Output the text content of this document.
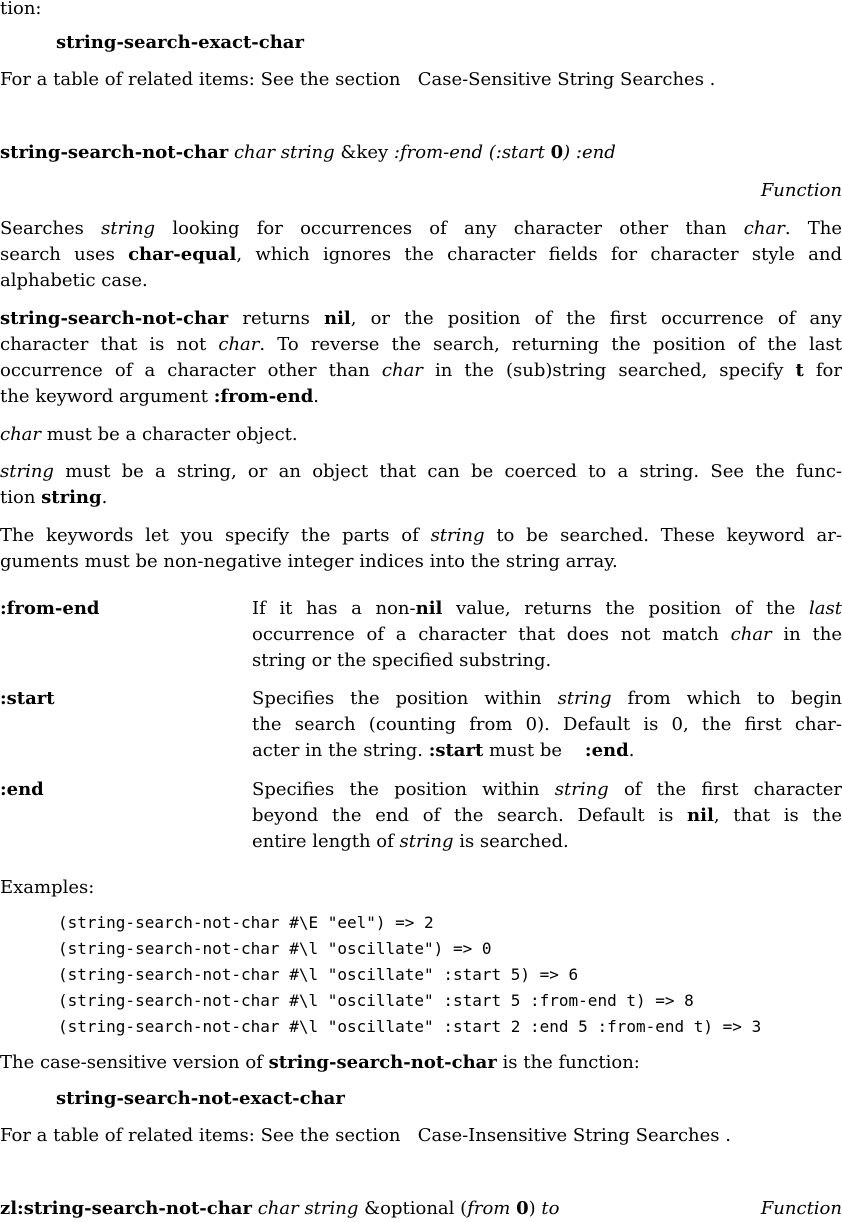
tion:
string-search-exact-char
For a table of related items: See the section Case-Sensitive String Searches .
string-search-not-char char string &key :from-end (:start 0) :end
Function
Searches string looking for occurrences of any character other than char. The
search uses char-equal, which ignores the character fields for character style and
alphabetic case.
string-search-not-char returns nil, or the position of the first occurrence of any
character that is not char. To reverse the search, returning the position of the last
occurrence of a character other than char in the (sub)string searched, specify t for
the keyword argument :from-end.
char must be a character object.
string must be a string, or an object that can be coerced to a string. See the func-
tion string.
The keywords let you specify the parts of string to be searched. These keyword ar-
guments must be non-negative integer indices into the string array.
:from-end	If it has a non-nil value, returns the position of the last
occurrence of a character that does not match char in the
string or the specified substring.
:start	Specifies the position within string from which to begin
the search (counting from 0). Default is 0, the first char-
acter in the string. :start must be :end.
:end	Specifies the position within string of the first character
beyond the end of the search. Default is nil, that is the
entire length of string is searched.
Examples:
(string-search-not-char #\E "eel") => 2
(string-search-not-char #\l "oscillate") => 0
(string-search-not-char #\l "oscillate" :start 5) => 6
(string-search-not-char #\l "oscillate" :start 5 :from-end t) => 8
(string-search-not-char #\l "oscillate" :start 2 :end 5 :from-end t) => 3
The case-sensitive version of string-search-not-char is the function:
string-search-not-exact-char
For a table of related items: See the section Case-Insensitive String Searches .
zl:string-search-not-char char string &optional (from 0) to	Function
